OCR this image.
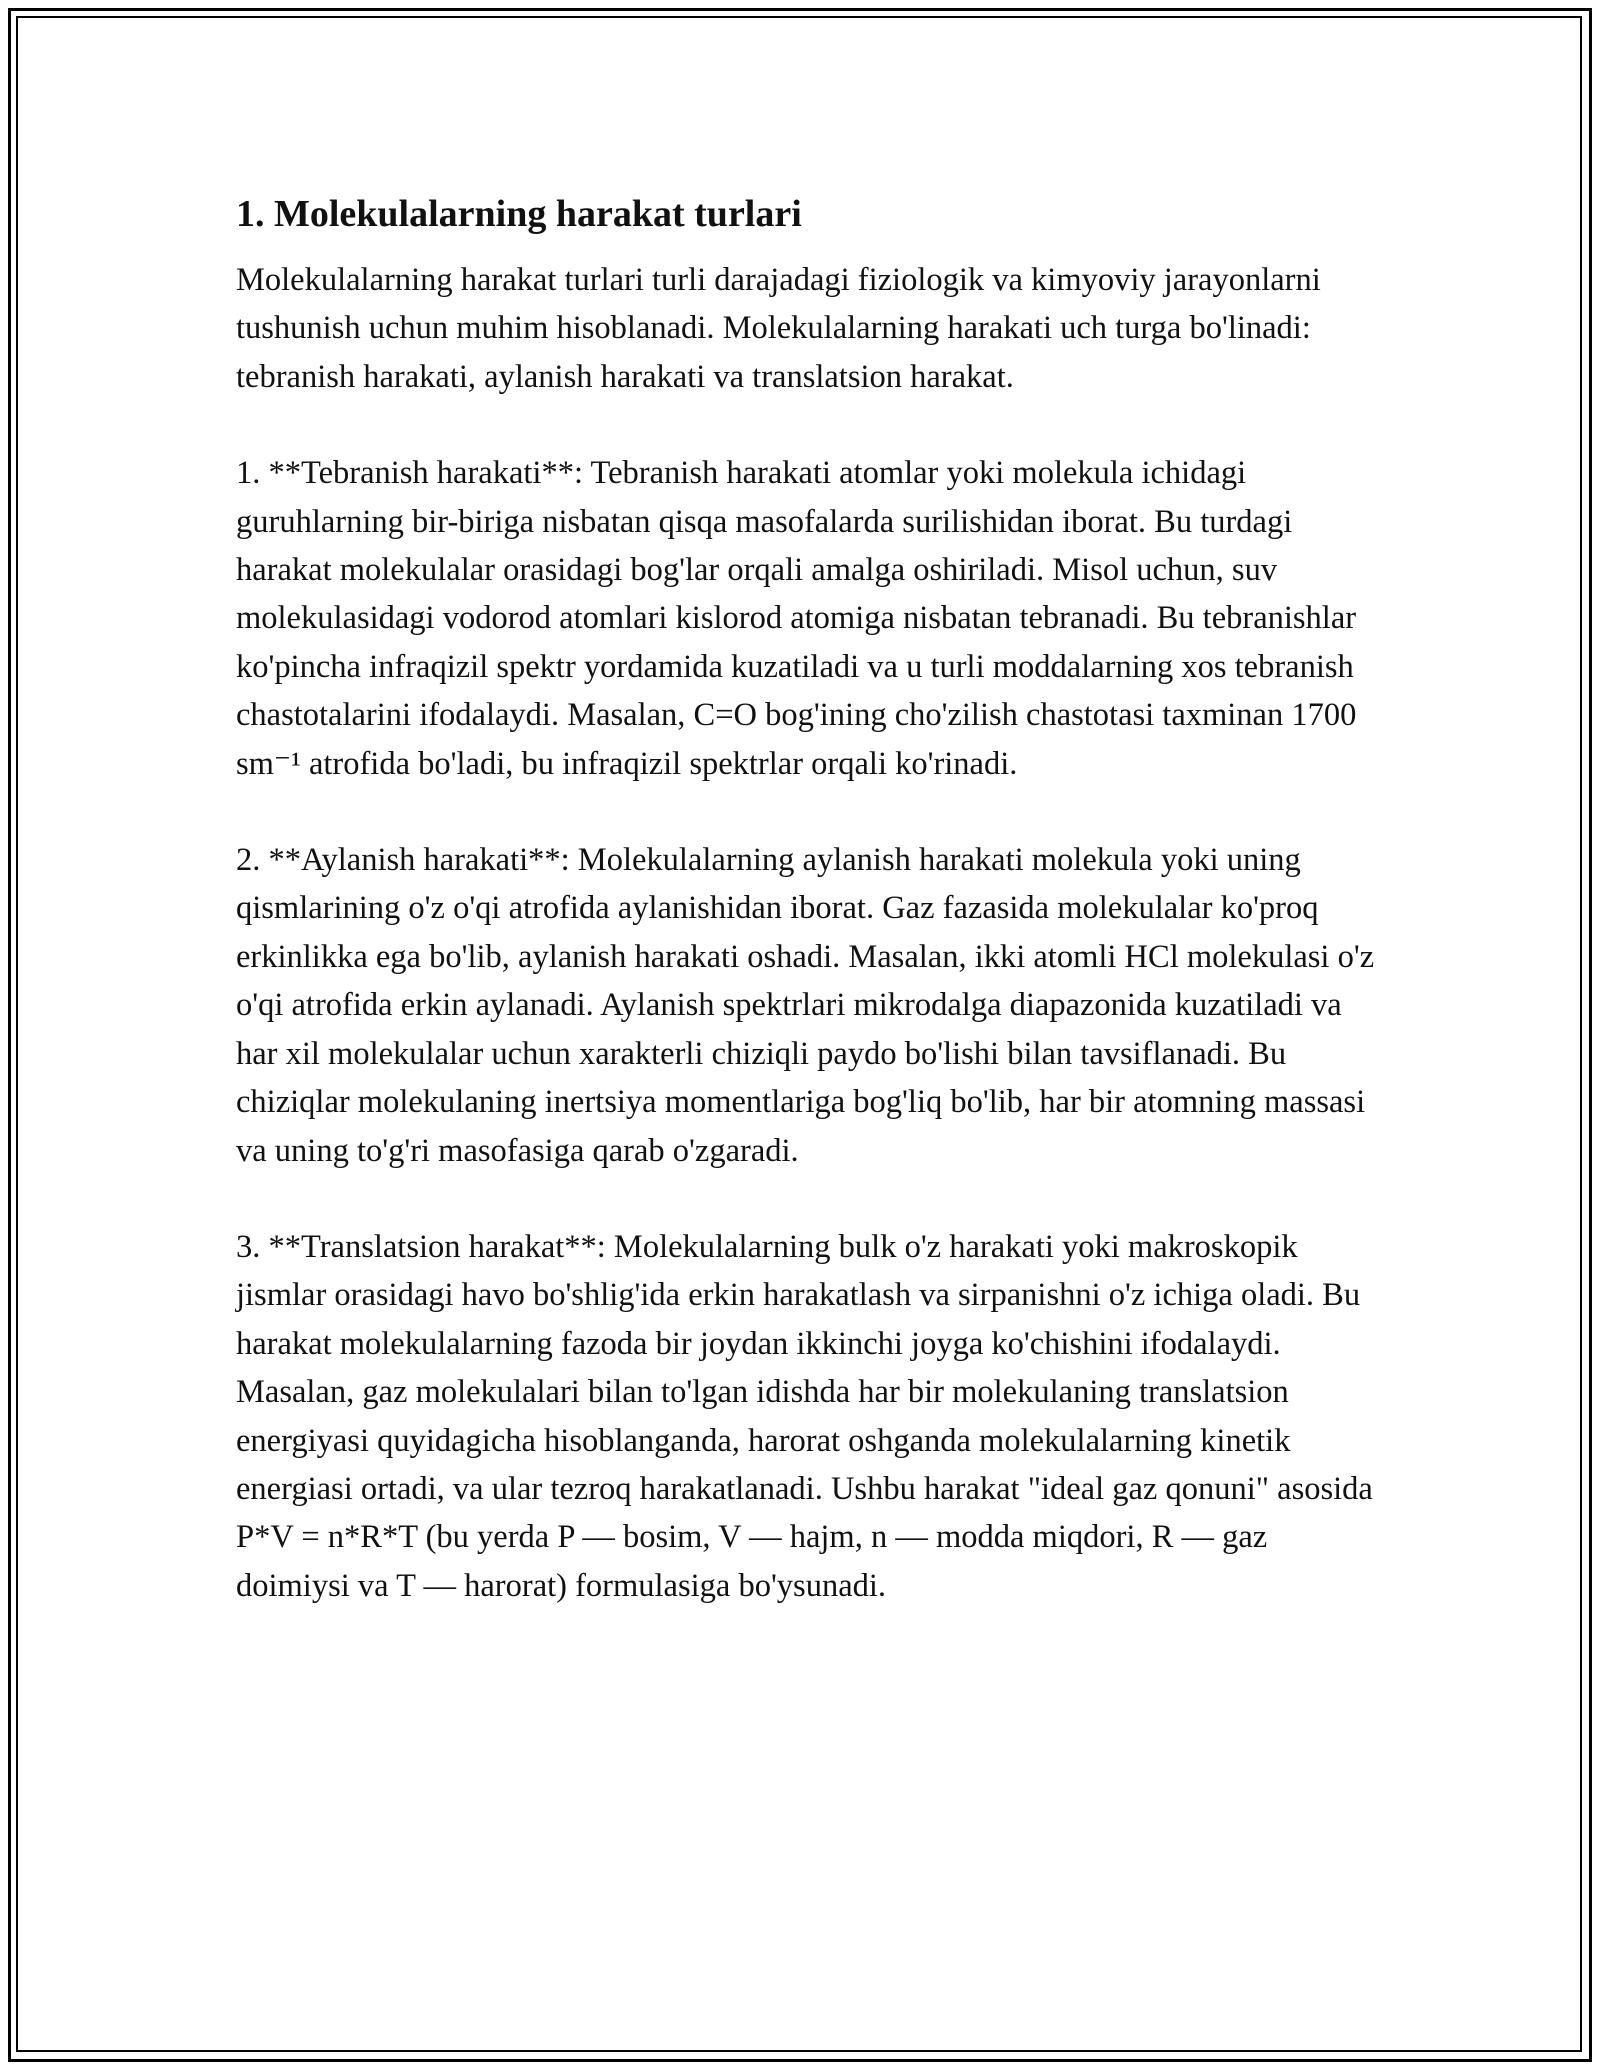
1. Molekulalarning harakat turlari

Molekulalarning harakat turlari turli darajadagi fiziologik va kimyoviy jarayonlarni tushunish uchun muhim hisoblanadi. Molekulalarning harakati uch turga bo'linadi: tebranish harakati, aylanish harakati va translatsion harakat.

1. **Tebranish harakati**: Tebranish harakati atomlar yoki molekula ichidagi guruhlarning bir-biriga nisbatan qisqa masofalarda surilishidan iborat. Bu turdagi harakat molekulalar orasidagi bog'lar orqali amalga oshiriladi. Misol uchun, suv molekulasidagi vodorod atomlari kislorod atomiga nisbatan tebranadi. Bu tebranishlar ko'pincha infraqizil spektr yordamida kuzatiladi va u turli moddalarning xos tebranish chastotalarini ifodalaydi. Masalan, C=O bog'ining cho'zilish chastotasi taxminan 1700 sm⁻¹ atrofida bo'ladi, bu infraqizil spektrlar orqali ko'rinadi.

2. **Aylanish harakati**: Molekulalarning aylanish harakati molekula yoki uning qismlarining o'z o'qi atrofida aylanishidan iborat. Gaz fazasida molekulalar ko'proq erkinlikka ega bo'lib, aylanish harakati oshadi. Masalan, ikki atomli HCl molekulasi o'z o'qi atrofida erkin aylanadi. Aylanish spektrlari mikrodalga diapazonida kuzatiladi va har xil molekulalar uchun xarakterli chiziqli paydo bo'lishi bilan tavsiflanadi. Bu chiziqlar molekulaning inertsiya momentlariga bog'liq bo'lib, har bir atomning massasi va uning to'g'ri masofasiga qarab o'zgaradi.

3. **Translatsion harakat**: Molekulalarning bulk o'z harakati yoki makroskopik jismlar orasidagi havo bo'shlig'ida erkin harakatlash va sirpanishni o'z ichiga oladi. Bu harakat molekulalarning fazoda bir joydan ikkinchi joyga ko'chishini ifodalaydi. Masalan, gaz molekulalari bilan to'lgan idishda har bir molekulaning translatsion energiyasi quyidagicha hisoblanganda, harorat oshganda molekulalarning kinetik energiasi ortadi, va ular tezroq harakatlanadi. Ushbu harakat "ideal gaz qonuni" asosida P*V = n*R*T (bu yerda P — bosim, V — hajm, n — modda miqdori, R — gaz doimiysi va T — harorat) formulasiga bo'ysunadi.
